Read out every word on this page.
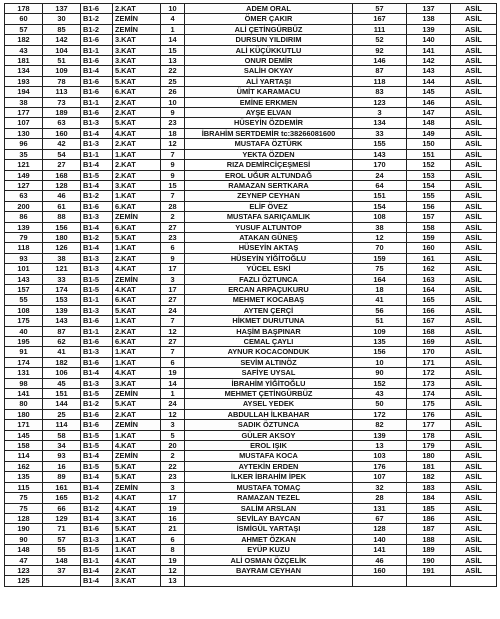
178	137	B1-6	2.KAT	10	ADEM ORAL	57	137	ASİL
60	30	B1-2	ZEMİN	4	ÖMER ÇAKIR	167	138	ASİL
57	85	B1-2	ZEMİN	1	ALİ ÇETİNGÜRBÜZ	111	139	ASİL
182	142	B1-6	3.KAT	14	DURSUN YILDIRIM	52	140	ASİL
43	104	B1-1	3.KAT	15	ALİ KÜÇÜKKUTLU	92	141	ASİL
181	51	B1-6	3.KAT	13	ONUR DEMİR	146	142	ASİL
134	109	B1-4	5.KAT	22	SALİH OKYAY	87	143	ASİL
193	78	B1-6	5.KAT	25	ALİ YARTAŞI	118	144	ASİL
194	113	B1-6	6.KAT	26	ÜMİT KARAMACU	83	145	ASİL
38	73	B1-1	2.KAT	10	EMİNE ERKMEN	123	146	ASİL
177	189	B1-6	2.KAT	9	AYŞE ELVAN	3	147	ASİL
107	63	B1-3	5.KAT	23	HÜSEYİN ÖZDEMİR	134	148	ASİL
130	160	B1-4	4.KAT	18	İBRAHİM SERTDEMİR tc:38266081600	33	149	ASİL
96	42	B1-3	2.KAT	12	MUSTAFA ÖZTÜRK	155	150	ASİL
35	54	B1-1	1.KAT	7	YEKTA ÖZDEN	143	151	ASİL
121	27	B1-4	2.KAT	9	RIZA DEMİRCİÇEŞMESİ	170	152	ASİL
149	168	B1-5	2.KAT	9	EROL UĞUR ALTUNDAĞ	24	153	ASİL
127	128	B1-4	3.KAT	15	RAMAZAN SERTKARA	64	154	ASİL
63	46	B1-2	1.KAT	7	ZEYNEP CEYHAN	151	155	ASİL
200	61	B1-6	6.KAT	28	ELİF ÖVEZ	154	156	ASİL
86	88	B1-3	ZEMİN	2	MUSTAFA SARIÇAMLIK	108	157	ASİL
139	156	B1-4	6.KAT	27	YUSUF ALTUNTOP	38	158	ASİL
79	180	B1-2	5.KAT	23	ATAKAN GÜNEŞ	12	159	ASİL
118	126	B1-4	1.KAT	6	HÜSEYİN AKTAŞ	70	160	ASİL
93	38	B1-3	2.KAT	9	HÜSEYİN YİĞİTOĞLU	159	161	ASİL
101	121	B1-3	4.KAT	17	YÜCEL ESKİ	75	162	ASİL
143	33	B1-5	ZEMİN	3	FAZLI ÖZTUNCA	164	163	ASİL
157	174	B1-5	4.KAT	17	ERCAN ARPAÇUKURU	18	164	ASİL
55	153	B1-1	6.KAT	27	MEHMET KOCABAŞ	41	165	ASİL
108	139	B1-3	5.KAT	24	AYTEN ÇERÇİ	56	166	ASİL
175	143	B1-6	1.KAT	7	HİKMET DURUTUNA	51	167	ASİL
40	87	B1-1	2.KAT	12	HAŞİM BAŞPINAR	109	168	ASİL
195	62	B1-6	6.KAT	27	CEMAL ÇAYLI	135	169	ASİL
91	41	B1-3	1.KAT	7	AYNUR KOCACONDUK	156	170	ASİL
174	182	B1-6	1.KAT	6	SEVİM ALTINÖZ	10	171	ASİL
131	106	B1-4	4.KAT	19	SAFİYE UYSAL	90	172	ASİL
98	45	B1-3	3.KAT	14	İBRAHİM YİĞİTOĞLU	152	173	ASİL
141	151	B1-5	ZEMİN	1	MEHMET ÇETİNGÜRBÜZ	43	174	ASİL
80	144	B1-2	5.KAT	24	AYSEL YEDEK	50	175	ASİL
180	25	B1-6	2.KAT	12	ABDULLAH İLKBAHAR	172	176	ASİL
171	114	B1-6	ZEMİN	3	SADIK ÖZTUNCA	82	177	ASİL
145	58	B1-5	1.KAT	5	GÜLER AKSOY	139	178	ASİL
158	34	B1-5	4.KAT	20	EROL IŞIK	13	179	ASİL
114	93	B1-4	ZEMİN	2	MUSTAFA KOCA	103	180	ASİL
162	16	B1-5	5.KAT	22	AYTEKİN ERDEN	176	181	ASİL
135	89	B1-4	5.KAT	23	İLKER İBRAHİM İPEK	107	182	ASİL
115	161	B1-4	ZEMİN	3	MUSTAFA TOMAÇ	32	183	ASİL
75	165	B1-2	4.KAT	17	RAMAZAN TEZEL	28	184	ASİL
75	66	B1-2	4.KAT	19	SALİM ARSLAN	131	185	ASİL
128	129	B1-4	3.KAT	16	SEVİLAY BAYCAN	67	186	ASİL
190	71	B1-6	5.KAT	21	İSMİGÜL YARTAŞI	128	187	ASİL
90	57	B1-3	1.KAT	6	AHMET ÖZKAN	140	188	ASİL
148	55	B1-5	1.KAT	8	EYÜP KUZU	141	189	ASİL
47	148	B1-1	4.KAT	19	ALİ OSMAN ÖZÇELİK	46	190	ASİL
123	37	B1-4	2.KAT	12	BAYRAM CEYHAN	160	191	ASİL
125		B1-4	3.KAT	13				
